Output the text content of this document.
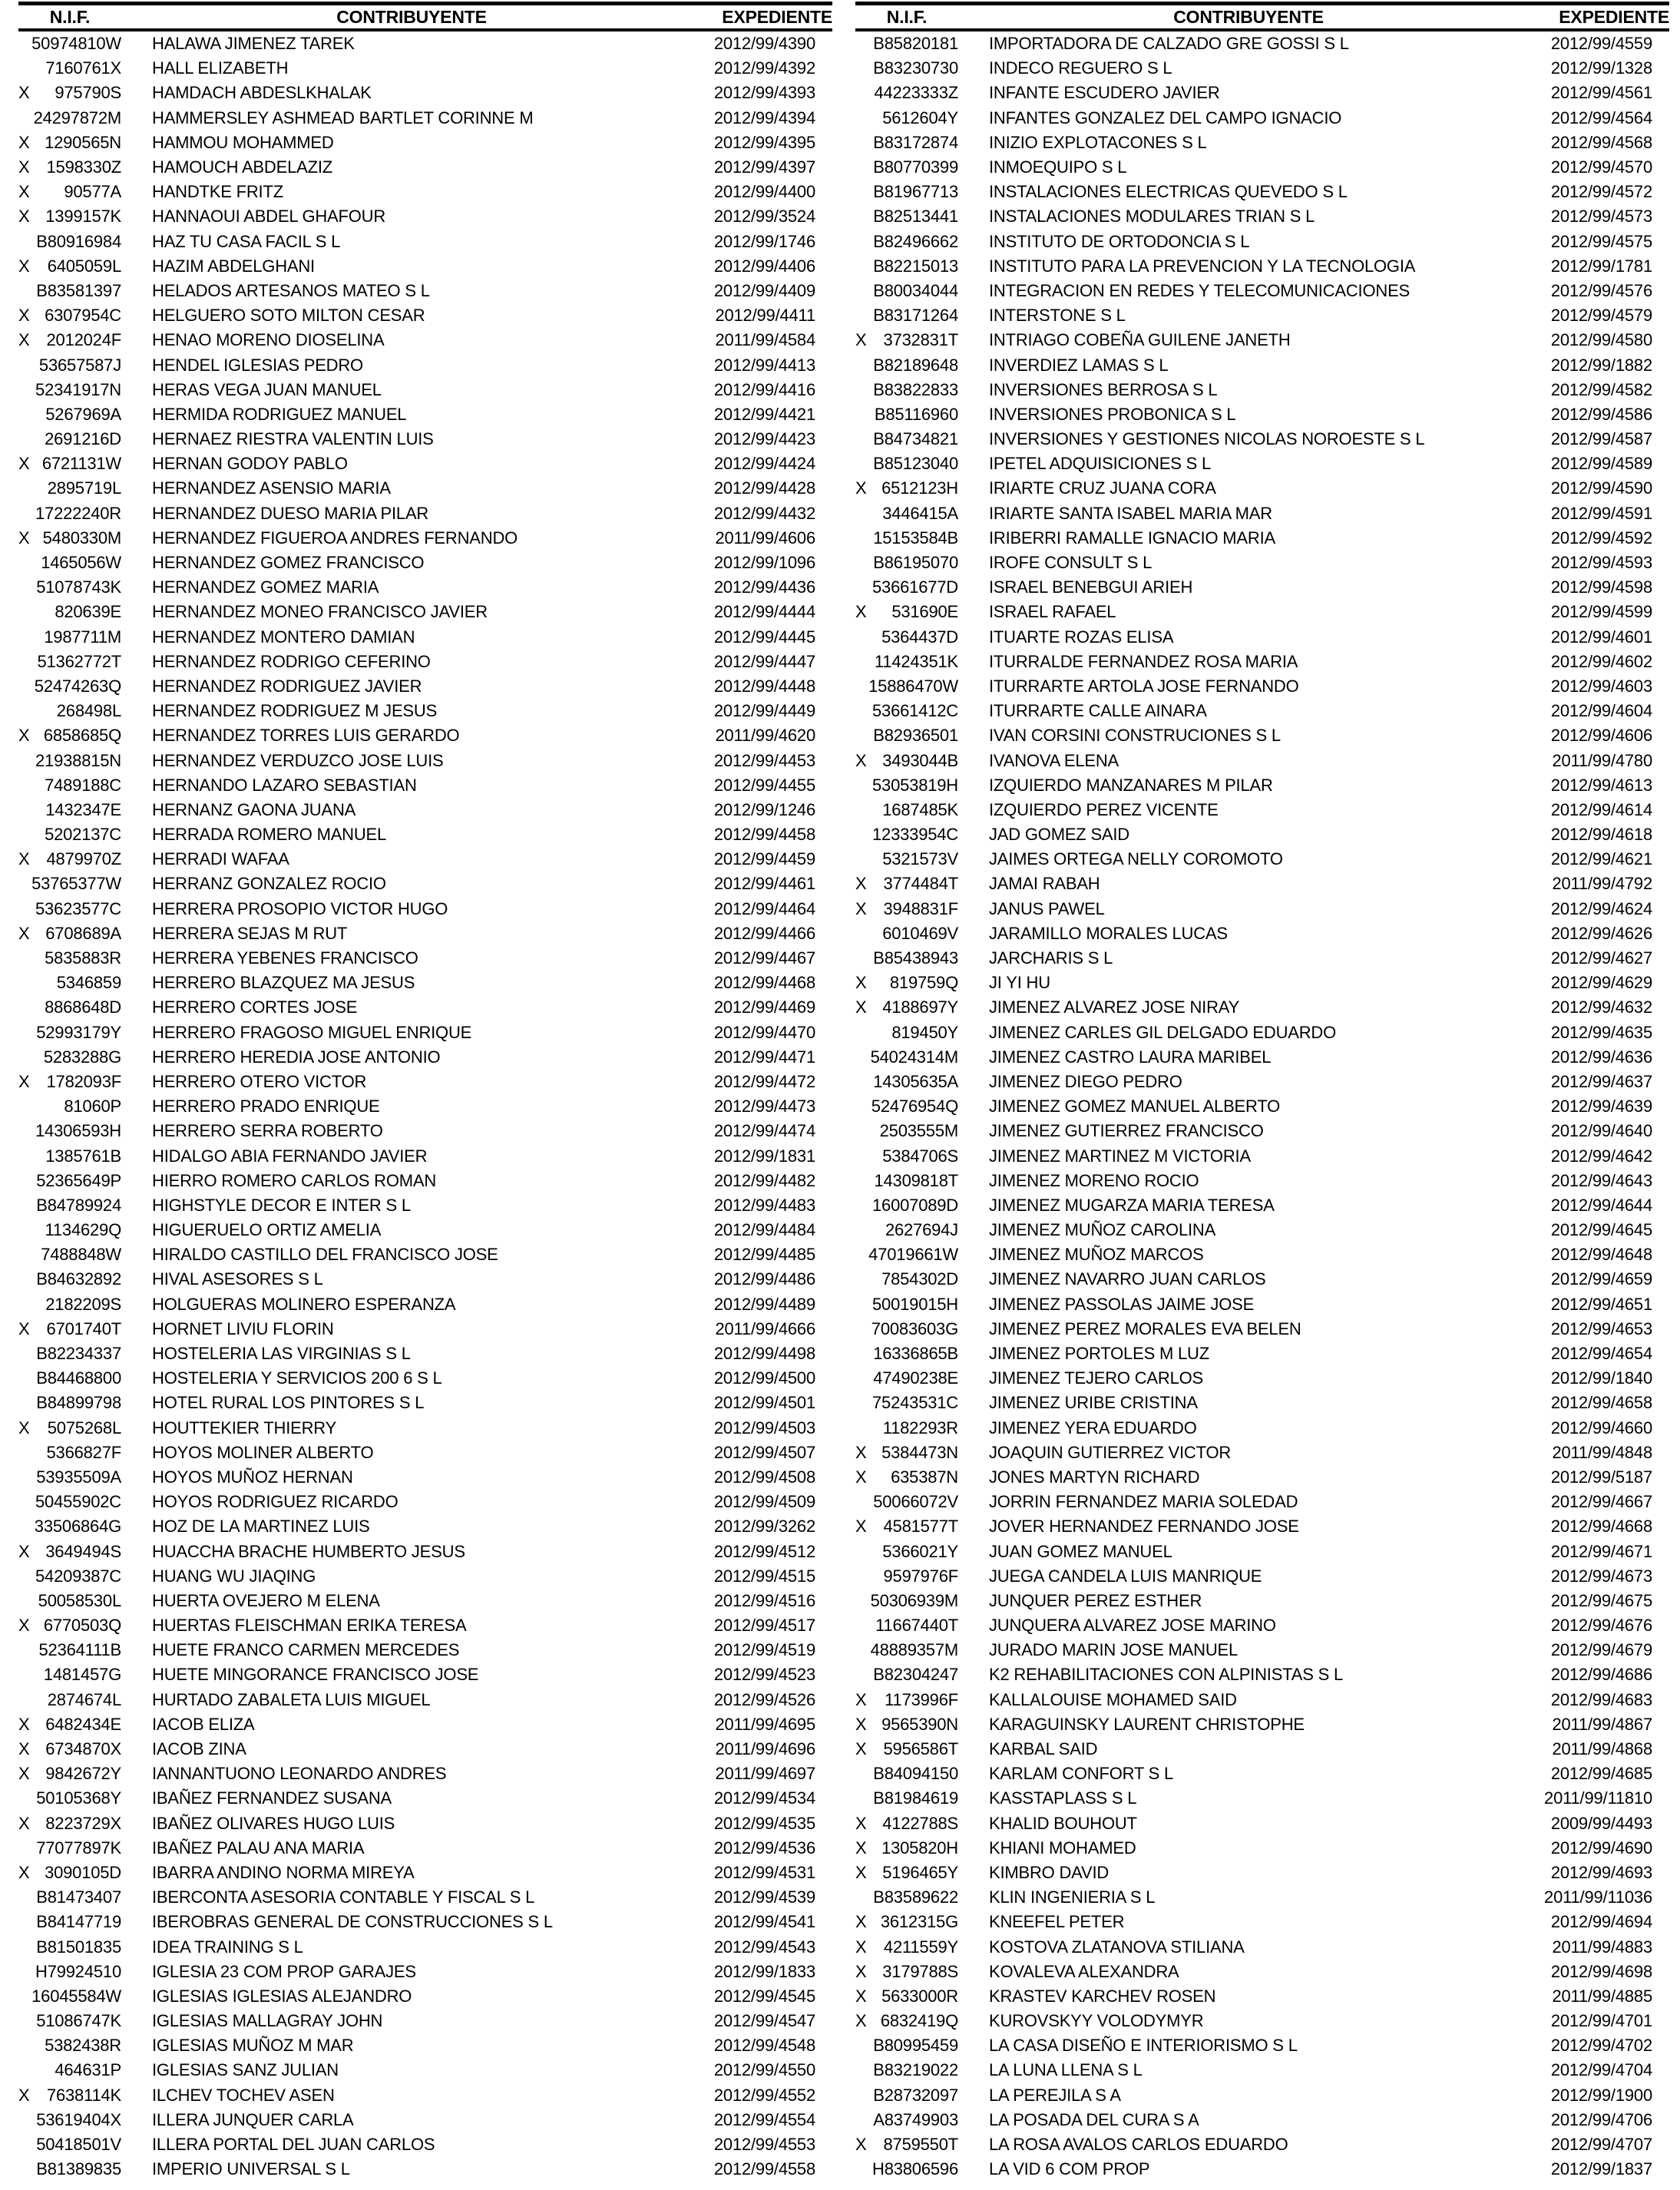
N.I.F.	CONTRIBUYENTE	EXPEDIENTE
50974810W HALAWA JIMENEZ TAREK	2012/99/4390
7160761X HALL ELIZABETH	2012/99/4392
X 975790S HAMDACH ABDESLKHALAK	2012/99/4393
24297872M HAMMERSLEY ASHMEAD BARTLET CORINNE M	2012/99/4394
X 1290565N HAMMOU MOHAMMED	2012/99/4395
X 1598330Z HAMOUCH ABDELAZIZ	2012/99/4397
X 90577A HANDTKE FRITZ	2012/99/4400
X 1399157K HANNAOUI ABDEL GHAFOUR	2012/99/3524
B80916984 HAZ TU CASA FACIL S L	2012/99/1746
X 6405059L HAZIM ABDELGHANI	2012/99/4406
B83581397 HELADOS ARTESANOS MATEO S L	2012/99/4409
X 6307954C HELGUERO SOTO MILTON CESAR	2012/99/4411
X 2012024F HENAO MORENO DIOSELINA	2011/99/4584
53657587J HENDEL IGLESIAS PEDRO	2012/99/4413
52341917N HERAS VEGA JUAN MANUEL	2012/99/4416
5267969A HERMIDA RODRIGUEZ MANUEL	2012/99/4421
2691216D HERNAEZ RIESTRA VALENTIN LUIS	2012/99/4423
X 6721131W HERNAN GODOY PABLO	2012/99/4424
2895719L HERNANDEZ ASENSIO MARIA	2012/99/4428
17222240R HERNANDEZ DUESO MARIA PILAR	2012/99/4432
X 5480330M HERNANDEZ FIGUEROA ANDRES FERNANDO	2011/99/4606
1465056W HERNANDEZ GOMEZ FRANCISCO	2012/99/1096
51078743K HERNANDEZ GOMEZ MARIA	2012/99/4436
820639E HERNANDEZ MONEO FRANCISCO JAVIER	2012/99/4444
1987711M HERNANDEZ MONTERO DAMIAN	2012/99/4445
51362772T HERNANDEZ RODRIGO CEFERINO	2012/99/4447
52474263Q HERNANDEZ RODRIGUEZ JAVIER	2012/99/4448
268498L HERNANDEZ RODRIGUEZ M JESUS	2012/99/4449
X 6858685Q HERNANDEZ TORRES LUIS GERARDO	2011/99/4620
21938815N HERNANDEZ VERDUZCO JOSE LUIS	2012/99/4453
7489188C HERNANDO LAZARO SEBASTIAN	2012/99/4455
1432347E HERNANZ GAONA JUANA	2012/99/1246
5202137C HERRADA ROMERO MANUEL	2012/99/4458
X 4879970Z HERRADI WAFAA	2012/99/4459
53765377W HERRANZ GONZALEZ ROCIO	2012/99/4461
53623577C HERRERA PROSOPIO VICTOR HUGO	2012/99/4464
X 6708689A HERRERA SEJAS M RUT	2012/99/4466
5835883R HERRERA YEBENES FRANCISCO	2012/99/4467
5346859 HERRERO BLAZQUEZ MA JESUS	2012/99/4468
8868648D HERRERO CORTES JOSE	2012/99/4469
52993179Y HERRERO FRAGOSO MIGUEL ENRIQUE	2012/99/4470
5283288G HERRERO HEREDIA JOSE ANTONIO	2012/99/4471
X 1782093F HERRERO OTERO VICTOR	2012/99/4472
81060P HERRERO PRADO ENRIQUE	2012/99/4473
14306593H HERRERO SERRA ROBERTO	2012/99/4474
1385761B HIDALGO ABIA FERNANDO JAVIER	2012/99/1831
52365649P HIERRO ROMERO CARLOS ROMAN	2012/99/4482
B84789924 HIGHSTYLE DECOR E INTER S L	2012/99/4483
1134629Q HIGUERUELO ORTIZ AMELIA	2012/99/4484
7488848W HIRALDO CASTILLO DEL FRANCISCO JOSE	2012/99/4485
B84632892 HIVAL ASESORES S L	2012/99/4486
2182209S HOLGUERAS MOLINERO ESPERANZA	2012/99/4489
X 6701740T HORNET LIVIU FLORIN	2011/99/4666
B82234337 HOSTELERIA LAS VIRGINIAS S L	2012/99/4498
B84468800 HOSTELERIA Y SERVICIOS 200 6 S L	2012/99/4500
B84899798 HOTEL RURAL LOS PINTORES S L	2012/99/4501
X 5075268L HOUTTEKIER THIERRY	2012/99/4503
5366827F HOYOS MOLINER ALBERTO	2012/99/4507
53935509A HOYOS MUÑOZ HERNAN	2012/99/4508
50455902C HOYOS RODRIGUEZ RICARDO	2012/99/4509
33506864G HOZ DE LA MARTINEZ LUIS	2012/99/3262
X 3649494S HUACCHA BRACHE HUMBERTO JESUS	2012/99/4512
54209387C HUANG WU JIAQING	2012/99/4515
50058530L HUERTA OVEJERO M ELENA	2012/99/4516
X 6770503Q HUERTAS FLEISCHMAN ERIKA TERESA	2012/99/4517
52364111B HUETE FRANCO CARMEN MERCEDES	2012/99/4519
1481457G HUETE MINGORANCE FRANCISCO JOSE	2012/99/4523
2874674L HURTADO ZABALETA LUIS MIGUEL	2012/99/4526
X 6482434E IACOB ELIZA	2011/99/4695
X 6734870X IACOB ZINA	2011/99/4696
X 9842672Y IANNANTUONO LEONARDO ANDRES	2011/99/4697
50105368Y IBAÑEZ FERNANDEZ SUSANA	2012/99/4534
X 8223729X IBAÑEZ OLIVARES HUGO LUIS	2012/99/4535
77077897K IBAÑEZ PALAU ANA MARIA	2012/99/4536
X 3090105D IBARRA ANDINO NORMA MIREYA	2012/99/4531
B81473407 IBERCONTA ASESORIA CONTABLE Y FISCAL S L	2012/99/4539
B84147719 IBEROBRAS GENERAL DE CONSTRUCCIONES S L	2012/99/4541
B81501835 IDEA TRAINING S L	2012/99/4543
H79924510 IGLESIA 23 COM PROP GARAJES	2012/99/1833
16045584W IGLESIAS IGLESIAS ALEJANDRO	2012/99/4545
51086747K IGLESIAS MALLAGRAY JOHN	2012/99/4547
5382438R IGLESIAS MUÑOZ M MAR	2012/99/4548
464631P IGLESIAS SANZ JULIAN	2012/99/4550
X 7638114K ILCHEV TOCHEV ASEN	2012/99/4552
53619404X ILLERA JUNQUER CARLA	2012/99/4554
50418501V ILLERA PORTAL DEL JUAN CARLOS	2012/99/4553
B81389835 IMPERIO UNIVERSAL S L	2012/99/4558
N.I.F.	CONTRIBUYENTE	EXPEDIENTE
B85820181 IMPORTADORA DE CALZADO GRE GOSSI S L	2012/99/4559
B83230730 INDECO REGUERO S L	2012/99/1328
44223333Z INFANTE ESCUDERO JAVIER	2012/99/4561
5612604Y INFANTES GONZALEZ DEL CAMPO IGNACIO	2012/99/4564
B83172874 INIZIO EXPLOTACONES S L	2012/99/4568
B80770399 INMOEQUIPO S L	2012/99/4570
B81967713 INSTALACIONES ELECTRICAS QUEVEDO S L	2012/99/4572
B82513441 INSTALACIONES MODULARES TRIAN S L	2012/99/4573
B82496662 INSTITUTO DE ORTODONCIA S L	2012/99/4575
B82215013 INSTITUTO PARA LA PREVENCION Y LA TECNOLOGIA	2012/99/1781
B80034044 INTEGRACION EN REDES Y TELECOMUNICACIONES	2012/99/4576
B83171264 INTERSTONE S L	2012/99/4579
X 3732831T INTRIAGO COBEÑA GUILENE JANETH	2012/99/4580
B82189648 INVERDIEZ LAMAS S L	2012/99/1882
B83822833 INVERSIONES BERROSA S L	2012/99/4582
B85116960 INVERSIONES PROBONICA S L	2012/99/4586
B84734821 INVERSIONES Y GESTIONES NICOLAS NOROESTE S L	2012/99/4587
B85123040 IPETEL ADQUISICIONES S L	2012/99/4589
X 6512123H IRIARTE CRUZ JUANA CORA	2012/99/4590
3446415A IRIARTE SANTA ISABEL MARIA MAR	2012/99/4591
15153584B IRIBERRI RAMALLE IGNACIO MARIA	2012/99/4592
B86195070 IROFE CONSULT S L	2012/99/4593
53661677D ISRAEL BENEBGUI ARIEH	2012/99/4598
X 531690E ISRAEL RAFAEL	2012/99/4599
5364437D ITUARTE ROZAS ELISA	2012/99/4601
11424351K ITURRALDE FERNANDEZ ROSA MARIA	2012/99/4602
15886470W ITURRARTE ARTOLA JOSE FERNANDO	2012/99/4603
53661412C ITURRARTE CALLE AINARA	2012/99/4604
B82936501 IVAN CORSINI CONSTRUCIONES S L	2012/99/4606
X 3493044B IVANOVA ELENA	2011/99/4780
53053819H IZQUIERDO MANZANARES M PILAR	2012/99/4613
1687485K IZQUIERDO PEREZ VICENTE	2012/99/4614
12333954C JAD GOMEZ SAID	2012/99/4618
5321573V JAIMES ORTEGA NELLY COROMOTO	2012/99/4621
X 3774484T JAMAI RABAH	2011/99/4792
X 3948831F JANUS PAWEL	2012/99/4624
6010469V JARAMILLO MORALES LUCAS	2012/99/4626
B85438943 JARCHARIS S L	2012/99/4627
X 819759Q JI YI HU	2012/99/4629
X 4188697Y JIMENEZ ALVAREZ JOSE NIRAY	2012/99/4632
819450Y JIMENEZ CARLES GIL DELGADO EDUARDO	2012/99/4635
54024314M JIMENEZ CASTRO LAURA MARIBEL	2012/99/4636
14305635A JIMENEZ DIEGO PEDRO	2012/99/4637
52476954Q JIMENEZ GOMEZ MANUEL ALBERTO	2012/99/4639
2503555M JIMENEZ GUTIERREZ FRANCISCO	2012/99/4640
5384706S JIMENEZ MARTINEZ M VICTORIA	2012/99/4642
14309818T JIMENEZ MORENO ROCIO	2012/99/4643
16007089D JIMENEZ MUGARZA MARIA TERESA	2012/99/4644
2627694J JIMENEZ MUÑOZ CAROLINA	2012/99/4645
47019661W JIMENEZ MUÑOZ MARCOS	2012/99/4648
7854302D JIMENEZ NAVARRO JUAN CARLOS	2012/99/4659
50019015H JIMENEZ PASSOLAS JAIME JOSE	2012/99/4651
70083603G JIMENEZ PEREZ MORALES EVA BELEN	2012/99/4653
16336865B JIMENEZ PORTOLES M LUZ	2012/99/4654
47490238E JIMENEZ TEJERO CARLOS	2012/99/1840
75243531C JIMENEZ URIBE CRISTINA	2012/99/4658
1182293R JIMENEZ YERA EDUARDO	2012/99/4660
X 5384473N JOAQUIN GUTIERREZ VICTOR	2011/99/4848
X 635387N JONES MARTYN RICHARD	2012/99/5187
50066072V JORRIN FERNANDEZ MARIA SOLEDAD	2012/99/4667
X 4581577T JOVER HERNANDEZ FERNANDO JOSE	2012/99/4668
5366021Y JUAN GOMEZ MANUEL	2012/99/4671
9597976F JUEGA CANDELA LUIS MANRIQUE	2012/99/4673
50306939M JUNQUER PEREZ ESTHER	2012/99/4675
11667440T JUNQUERA ALVAREZ JOSE MARINO	2012/99/4676
48889357M JURADO MARIN JOSE MANUEL	2012/99/4679
B82304247 K2 REHABILITACIONES CON ALPINISTAS S L	2012/99/4686
X 1173996F KALLALOUISE MOHAMED SAID	2012/99/4683
X 9565390N KARAGUINSKY LAURENT CHRISTOPHE	2011/99/4867
X 5956586T KARBAL SAID	2011/99/4868
B84094150 KARLAM CONFORT S L	2012/99/4685
B81984619 KASSTAPLASS S L	2011/99/11810
X 4122788S KHALID BOUHOUT	2009/99/4493
X 1305820H KHIANI MOHAMED	2012/99/4690
X 5196465Y KIMBRO DAVID	2012/99/4693
B83589622 KLIN INGENIERIA S L	2011/99/11036
X 3612315G KNEEFEL PETER	2012/99/4694
X 4211559Y KOSTOVA ZLATANOVA STILIANA	2011/99/4883
X 3179788S KOVALEVA ALEXANDRA	2012/99/4698
X 5633000R KRASTEV KARCHEV ROSEN	2011/99/4885
X 6832419Q KUROVSKYY VOLODYMYR	2012/99/4701
B80995459 LA CASA DISEÑO E INTERIORISMO S L	2012/99/4702
B83219022 LA LUNA LLENA S L	2012/99/4704
B28732097 LA PEREJILA S A	2012/99/1900
A83749903 LA POSADA DEL CURA S A	2012/99/4706
X 8759550T LA ROSA AVALOS CARLOS EDUARDO	2012/99/4707
H83806596 LA VID 6 COM PROP	2012/99/1837
